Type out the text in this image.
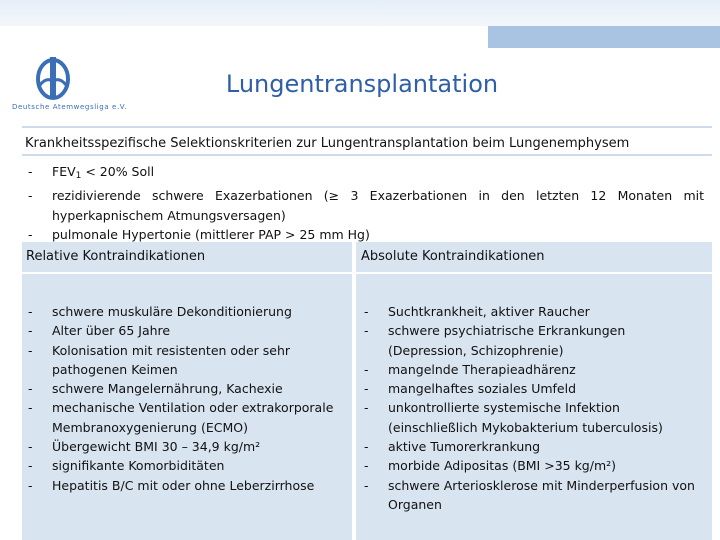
Deutsche Atemwegsliga e.V.
Lungentransplantation
Krankheitsspezifische Selektionskriterien zur Lungentransplantation beim Lungenemphysem
- $FEV_1 < 20\%$ Soll
- rezidivierende schwere Exazerbationen (≥ 3 Exazerbationen in den letzten 12 Monaten mit hyperkapnischem Atmungsversagen)
- pulmonale Hypertonie (mittlerer PAP > 25 mm Hg)
Relative Kontraindikationen	Absolute Kontraindikationen
- schwere muskuläre Dekonditionierung
- Alter über 65 Jahre
- Kolonisation mit resistenten oder sehr pathogenen Keimen
- schwere Mangelernährung, Kachexie
- mechanische Ventilation oder extrakorporale Membranoxygenierung (ECMO)
- Übergewicht BMI 30 – 34,9 kg/m²
- signifikante Komorbiditäten
- Hepatitis B/C mit oder ohne Leberzirrhose
- Suchtkrankheit, aktiver Raucher
- schwere psychiatrische Erkrankungen (Depression, Schizophrenie)
- mangelnde Therapieadhärenz
- mangelhaftes soziales Umfeld
- unkontrollierte systemische Infektion (einschließlich Mykobakterium tuberculosis)
- aktive Tumorerkrankung
- morbide Adipositas (BMI >35 kg/m²)
- schwere Arteriosklerose mit Minderperfusion von Organen
